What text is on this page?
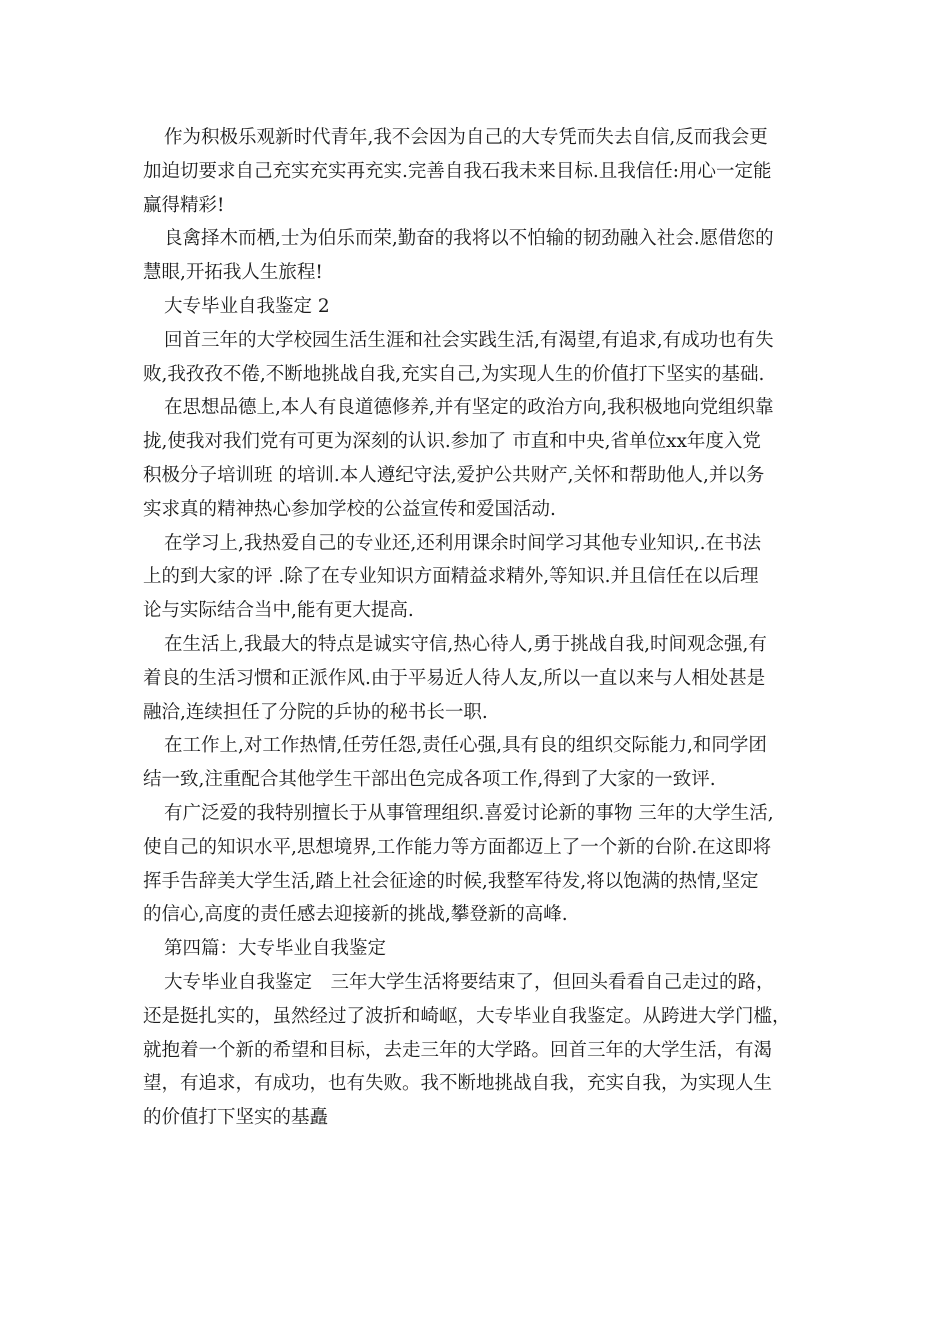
作为积极乐观新时代青年,我不会因为自己的大专凭而失去自信,反而我会更
加迫切要求自己充实充实再充实.完善自我石我未来目标.且我信任:用心一定能
赢得精彩!
良禽择木而栖,士为伯乐而荣,勤奋的我将以不怕输的韧劲融入社会.愿借您的
慧眼,开拓我人生旅程!
大专毕业自我鉴定 2
回首三年的大学校园生活生涯和社会实践生活,有渴望,有追求,有成功也有失
败,我孜孜不倦,不断地挑战自我,充实自己,为实现人生的价值打下坚实的基础.
在思想品德上,本人有良道德修养,并有坚定的政治方向,我积极地向党组织靠
拢,使我对我们党有可更为深刻的认识.参加了 市直和中央,省单位xx年度入党
积极分子培训班 的培训.本人遵纪守法,爱护公共财产,关怀和帮助他人,并以务
实求真的精神热心参加学校的公益宣传和爱国活动.
在学习上,我热爱自己的专业还,还利用课余时间学习其他专业知识,.在书法
上的到大家的评 .除了在专业知识方面精益求精外,等知识.并且信任在以后理
论与实际结合当中,能有更大提高.
在生活上,我最大的特点是诚实守信,热心待人,勇于挑战自我,时间观念强,有
着良的生活习惯和正派作风.由于平易近人待人友,所以一直以来与人相处甚是
融洽,连续担任了分院的乒协的秘书长一职.
在工作上,对工作热情,任劳任怨,责任心强,具有良的组织交际能力,和同学团
结一致,注重配合其他学生干部出色完成各项工作,得到了大家的一致评.
有广泛爱的我特别擅长于从事管理组织.喜爱讨论新的事物 三年的大学生活,
使自己的知识水平,思想境界,工作能力等方面都迈上了一个新的台阶.在这即将
挥手告辞美大学生活,踏上社会征途的时候,我整军待发,将以饱满的热情,坚定
的信心,高度的责任感去迎接新的挑战,攀登新的高峰.
第四篇：大专毕业自我鉴定
大专毕业自我鉴定　三年大学生活将要结束了，但回头看看自己走过的路，
还是挺扎实的，虽然经过了波折和崎岖，大专毕业自我鉴定。从跨进大学门槛，
就抱着一个新的希望和目标，去走三年的大学路。回首三年的大学生活，有渴
望，有追求，有成功，也有失败。我不断地挑战自我，充实自我，为实现人生
的价值打下坚实的基矗
